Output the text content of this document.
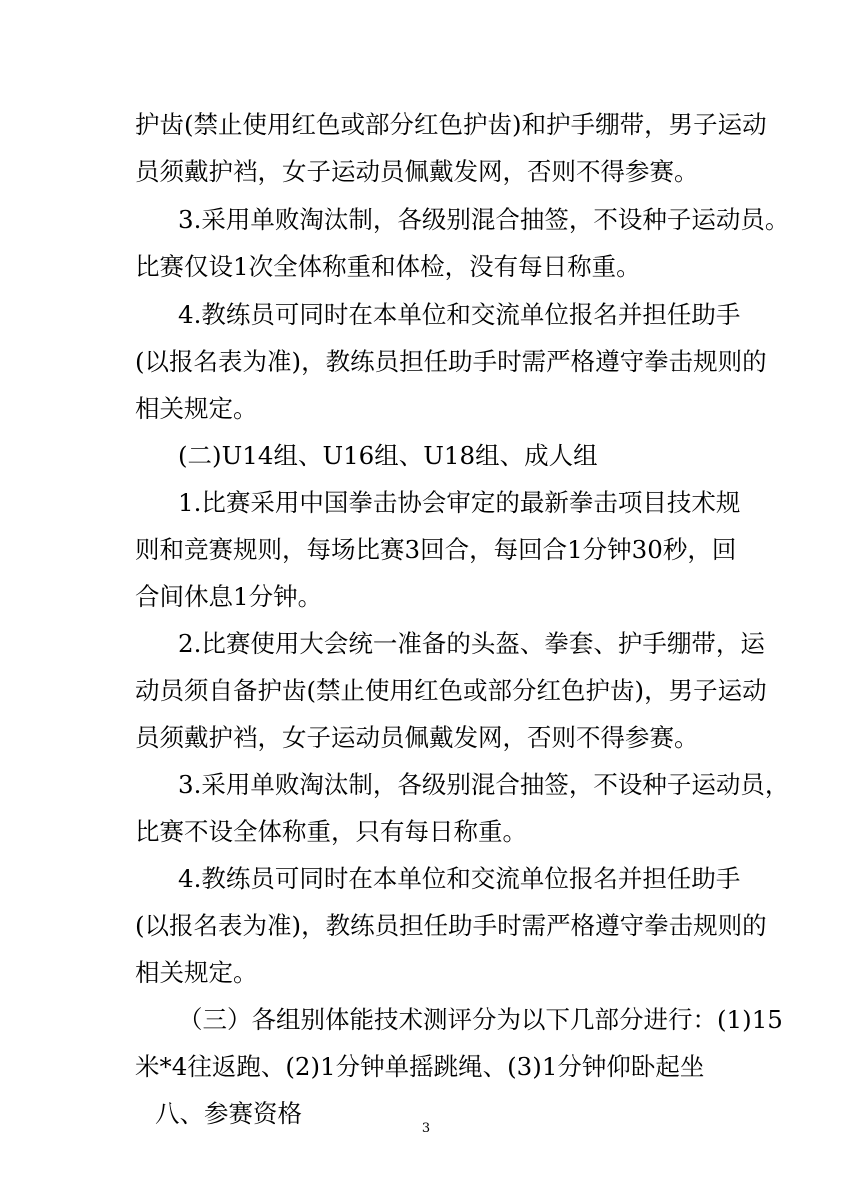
护齿(禁止使用红色或部分红色护齿)和护手绷带，男子运动
员须戴护裆，女子运动员佩戴发网，否则不得参赛。
3.采用单败淘汰制，各级别混合抽签，不设种子运动员。
比赛仅设1次全体称重和体检，没有每日称重。
4.教练员可同时在本单位和交流单位报名并担任助手
(以报名表为准)，教练员担任助手时需严格遵守拳击规则的
相关规定。
(二)U14组、U16组、U18组、成人组
1.比赛采用中国拳击协会审定的最新拳击项目技术规
则和竞赛规则，每场比赛3回合，每回合1分钟30秒，回
合间休息1分钟。
2.比赛使用大会统一准备的头盔、拳套、护手绷带，运
动员须自备护齿(禁止使用红色或部分红色护齿)，男子运动
员须戴护裆，女子运动员佩戴发网，否则不得参赛。
3.采用单败淘汰制，各级别混合抽签，不设种子运动员，
比赛不设全体称重，只有每日称重。
4.教练员可同时在本单位和交流单位报名并担任助手
(以报名表为准)，教练员担任助手时需严格遵守拳击规则的
相关规定。
（三）各组别体能技术测评分为以下几部分进行：(1)15
米*4往返跑、(2)1分钟单摇跳绳、(3)1分钟仰卧起坐
八、参赛资格
3
